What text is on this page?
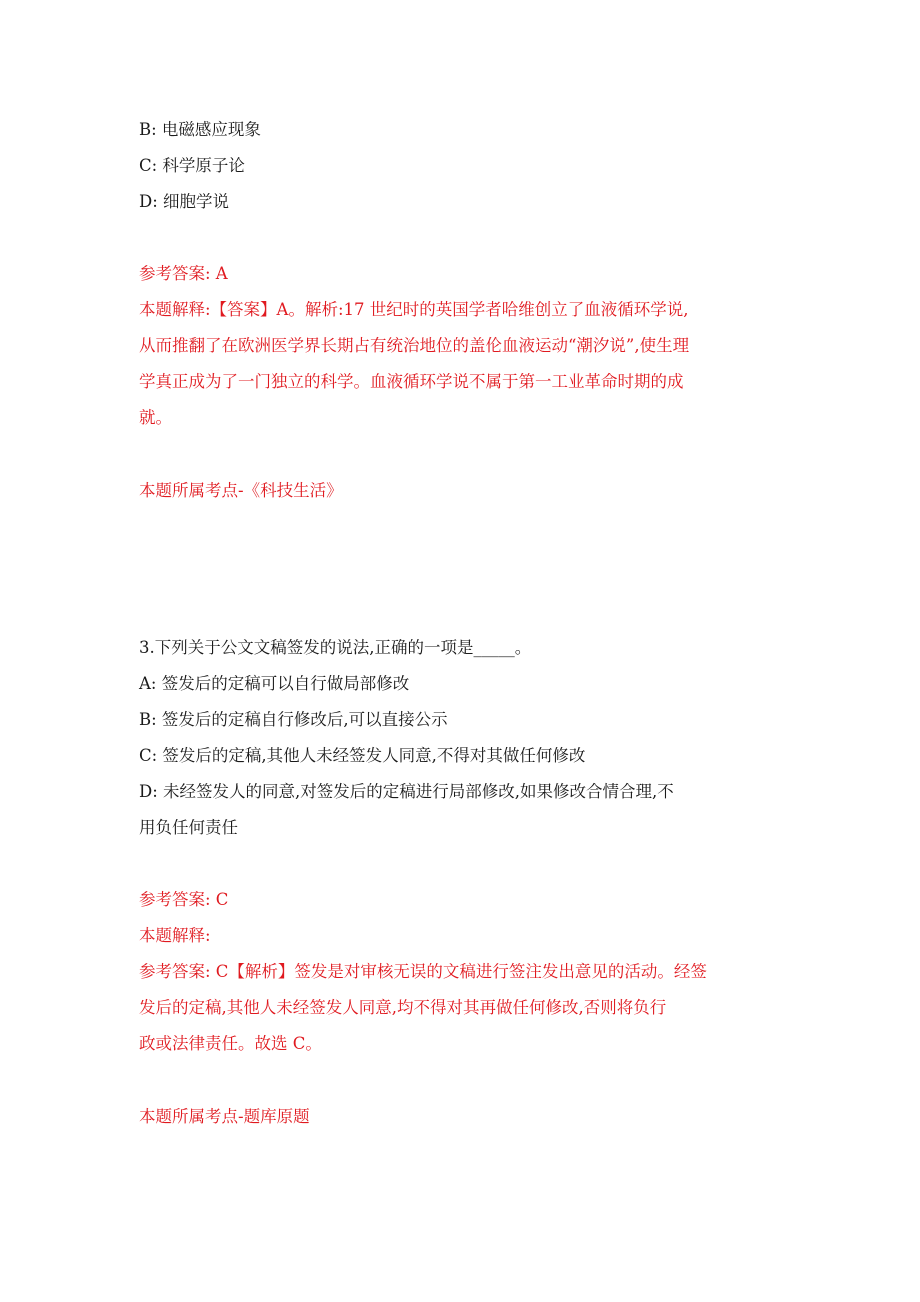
B: 电磁感应现象
C: 科学原子论
D: 细胞学说
参考答案: A
本题解释:【答案】A。解析:17 世纪时的英国学者哈维创立了血液循环学说,
从而推翻了在欧洲医学界长期占有统治地位的盖伦血液运动“潮汐说”,使生理
学真正成为了一门独立的科学。血液循环学说不属于第一工业革命时期的成
就。
本题所属考点-《科技生活》
3.下列关于公文文稿签发的说法,正确的一项是_____。
A: 签发后的定稿可以自行做局部修改
B: 签发后的定稿自行修改后,可以直接公示
C: 签发后的定稿,其他人未经签发人同意,不得对其做任何修改
D: 未经签发人的同意,对签发后的定稿进行局部修改,如果修改合情合理,不
用负任何责任
参考答案: C
本题解释:
参考答案: C【解析】签发是对审核无误的文稿进行签注发出意见的活动。经签
发后的定稿,其他人未经签发人同意,均不得对其再做任何修改,否则将负行
政或法律责任。故选 C。
本题所属考点-题库原题
